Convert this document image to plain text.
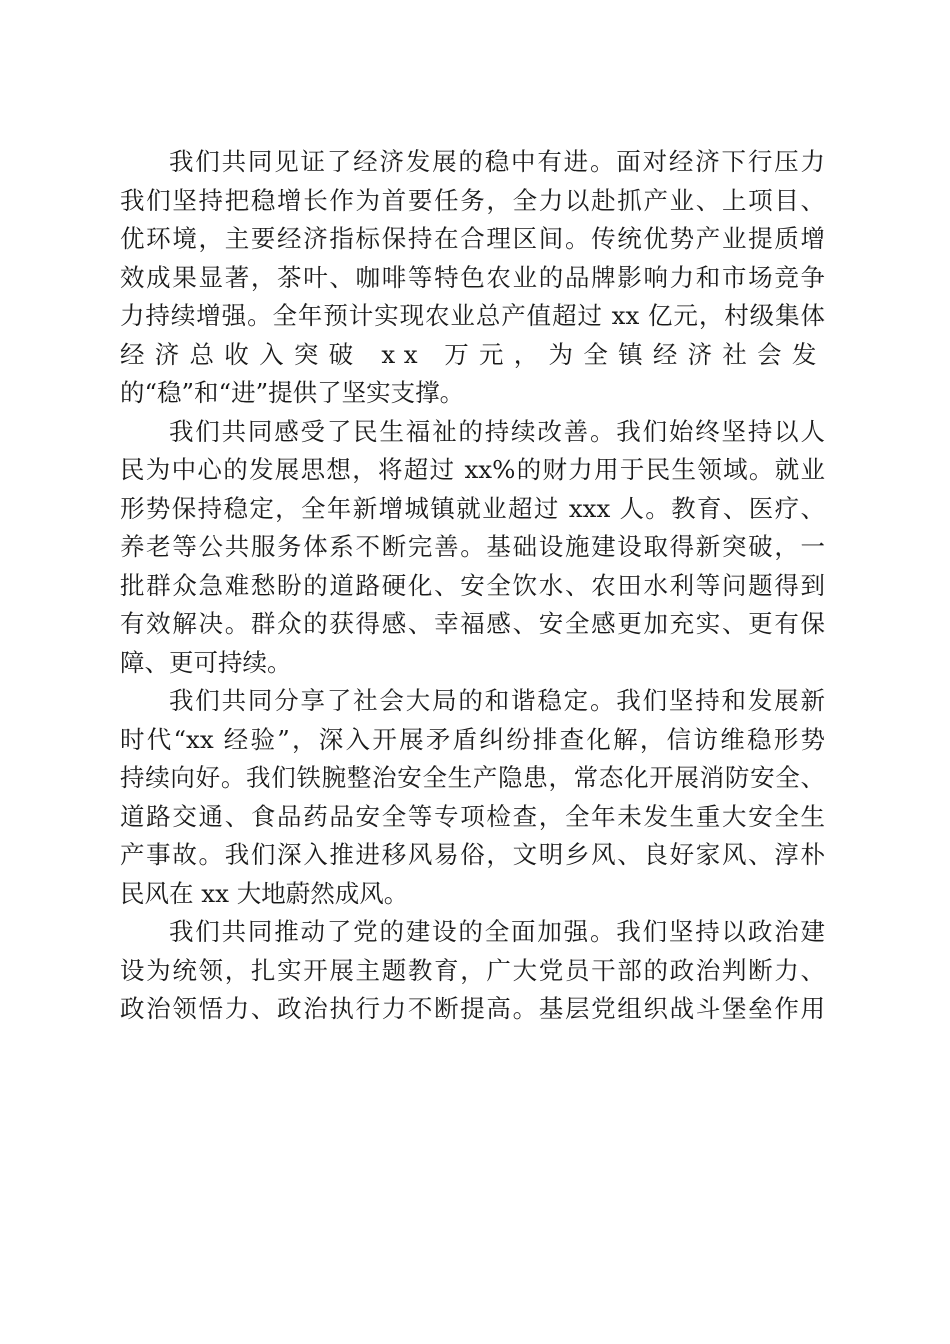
我们共同见证了经济发展的稳中有进。面对经济下行压力
我们坚持把稳增长作为首要任务，全力以赴抓产业、上项目、
优环境，主要经济指标保持在合理区间。传统优势产业提质增
效成果显著，茶叶、咖啡等特色农业的品牌影响力和市场竞争
力持续增强。全年预计实现农业总产值超过 xx 亿元，村级集体
经济总收入突破 xx 万元，为全镇经济社会发
的“稳”和“进”提供了坚实支撑。
我们共同感受了民生福祉的持续改善。我们始终坚持以人
民为中心的发展思想，将超过 xx%的财力用于民生领域。就业
形势保持稳定，全年新增城镇就业超过 xxx 人。教育、医疗、
养老等公共服务体系不断完善。基础设施建设取得新突破，一
批群众急难愁盼的道路硬化、安全饮水、农田水利等问题得到
有效解决。群众的获得感、幸福感、安全感更加充实、更有保
障、更可持续。
我们共同分享了社会大局的和谐稳定。我们坚持和发展新
时代“xx 经验”，深入开展矛盾纠纷排查化解，信访维稳形势
持续向好。我们铁腕整治安全生产隐患，常态化开展消防安全、
道路交通、食品药品安全等专项检查，全年未发生重大安全生
产事故。我们深入推进移风易俗，文明乡风、良好家风、淳朴
民风在 xx 大地蔚然成风。
我们共同推动了党的建设的全面加强。我们坚持以政治建
设为统领，扎实开展主题教育，广大党员干部的政治判断力、
政治领悟力、政治执行力不断提高。基层党组织战斗堡垒作用
